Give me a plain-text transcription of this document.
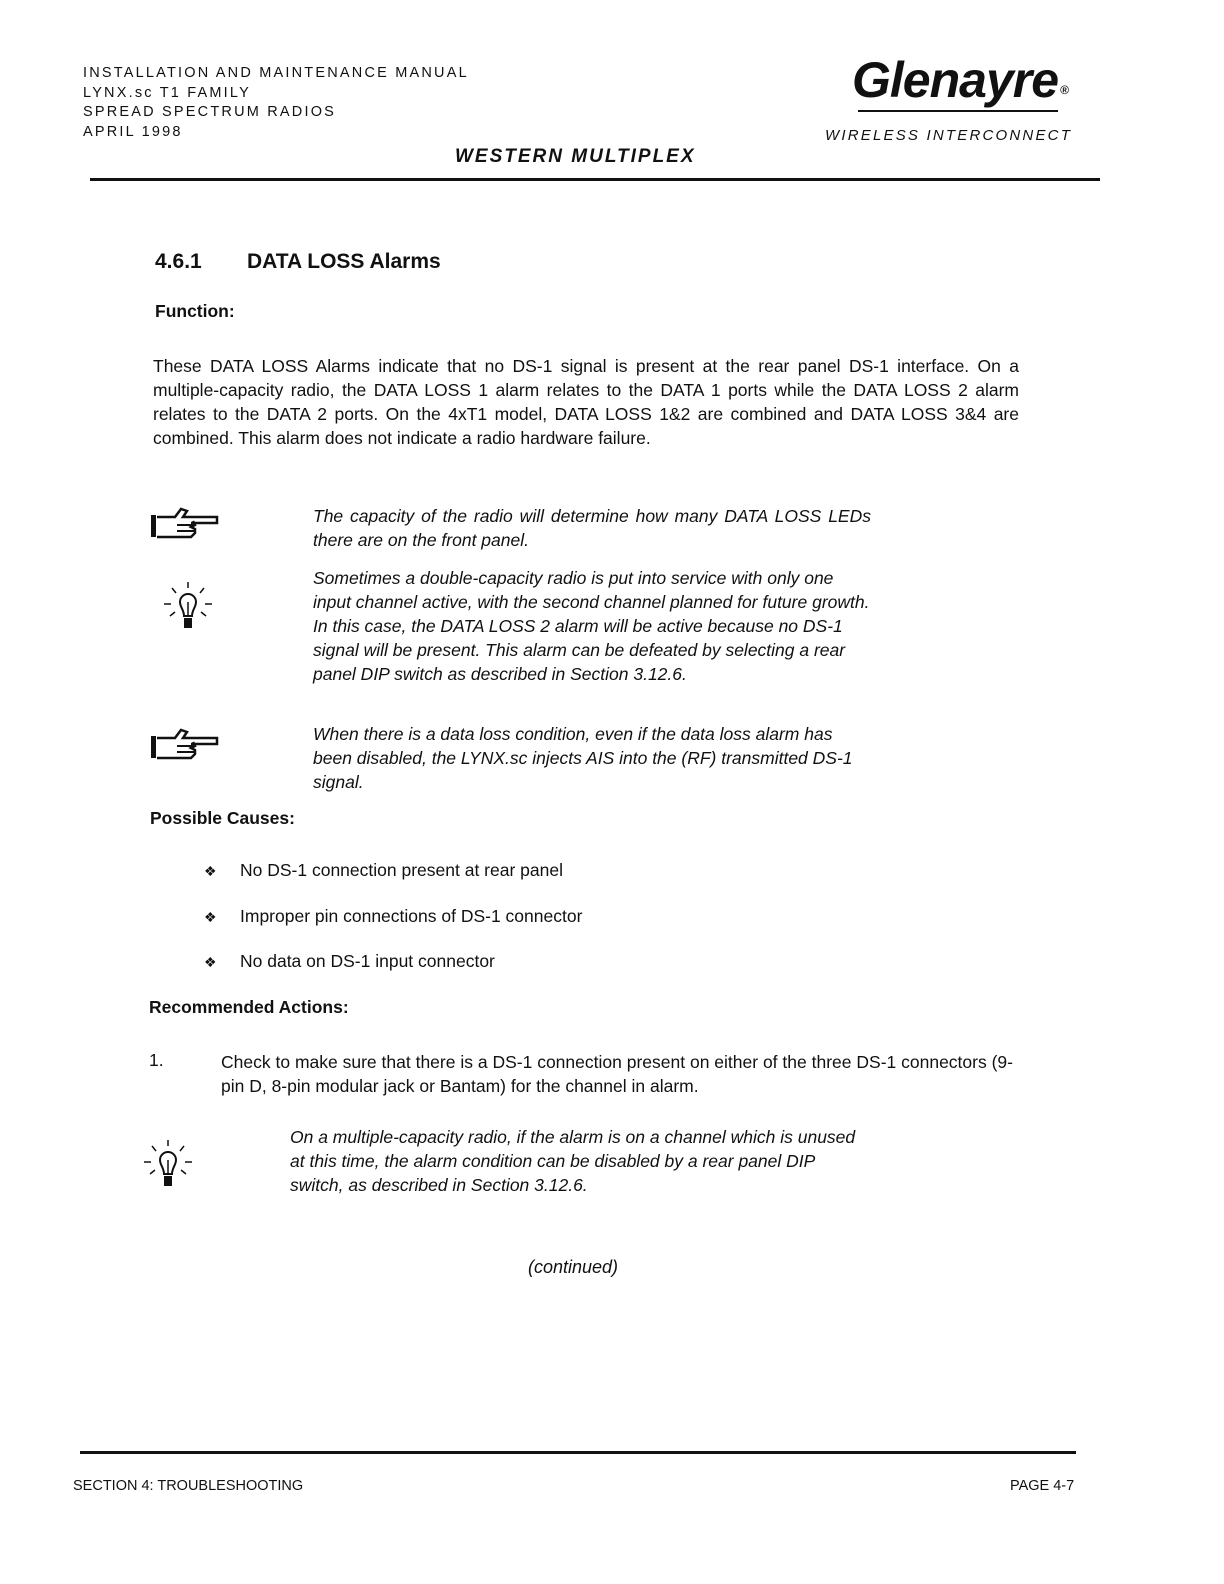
INSTALLATION AND MAINTENANCE MANUAL
LYNX.sc T1 FAMILY
SPREAD SPECTRUM RADIOS
APRIL 1998
Glenayre ®
WIRELESS INTERCONNECT
WESTERN MULTIPLEX
4.6.1 DATA LOSS Alarms
Function:
These DATA LOSS Alarms indicate that no DS-1 signal is present at the rear panel DS-1 interface. On a multiple-capacity radio, the DATA LOSS 1 alarm relates to the DATA 1 ports while the DATA LOSS 2 alarm relates to the DATA 2 ports. On the 4xT1 model, DATA LOSS 1&2 are combined and DATA LOSS 3&4 are combined. This alarm does not indicate a radio hardware failure.
The capacity of the radio will determine how many DATA LOSS LEDs there are on the front panel.
Sometimes a double-capacity radio is put into service with only one input channel active, with the second channel planned for future growth. In this case, the DATA LOSS 2 alarm will be active because no DS-1 signal will be present. This alarm can be defeated by selecting a rear panel DIP switch as described in Section 3.12.6.
When there is a data loss condition, even if the data loss alarm has been disabled, the LYNX.sc injects AIS into the (RF) transmitted DS-1 signal.
Possible Causes:
❖ No DS-1 connection present at rear panel
❖ Improper pin connections of DS-1 connector
❖ No data on DS-1 input connector
Recommended Actions:
1.	Check to make sure that there is a DS-1 connection present on either of the three DS-1 connectors (9-pin D, 8-pin modular jack or Bantam) for the channel in alarm.
On a multiple-capacity radio, if the alarm is on a channel which is unused at this time, the alarm condition can be disabled by a rear panel DIP switch, as described in Section 3.12.6.
(continued)
SECTION 4: TROUBLESHOOTING	PAGE 4-7
